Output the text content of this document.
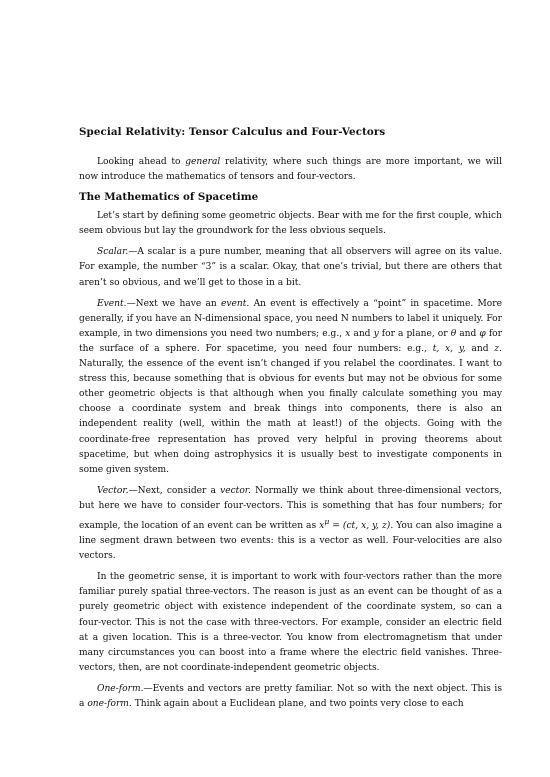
Special Relativity: Tensor Calculus and Four-Vectors

Looking ahead to general relativity, where such things are more important, we will now introduce the mathematics of tensors and four-vectors.

The Mathematics of Spacetime

Let’s start by defining some geometric objects. Bear with me for the first couple, which seem obvious but lay the groundwork for the less obvious sequels.

Scalar.—A scalar is a pure number, meaning that all observers will agree on its value. For example, the number “3” is a scalar. Okay, that one’s trivial, but there are others that aren’t so obvious, and we’ll get to those in a bit.

Event.—Next we have an event. An event is effectively a “point” in spacetime. More generally, if you have an N-dimensional space, you need N numbers to label it uniquely. For example, in two dimensions you need two numbers; e.g., x and y for a plane, or θ and φ for the surface of a sphere. For spacetime, you need four numbers: e.g., t, x, y, and z. Naturally, the essence of the event isn’t changed if you relabel the coordinates. I want to stress this, because something that is obvious for events but may not be obvious for some other geometric objects is that although when you finally calculate something you may choose a coordinate system and break things into components, there is also an independent reality (well, within the math at least!) of the objects. Going with the coordinate-free representation has proved very helpful in proving theorems about spacetime, but when doing astrophysics it is usually best to investigate components in some given system.

Vector.—Next, consider a vector. Normally we think about three-dimensional vectors, but here we have to consider four-vectors. This is something that has four numbers; for example, the location of an event can be written as $x^\mu = (ct$, x, y, z). You can also imagine a line segment drawn between two events: this is a vector as well. Four-velocities are also vectors.

In the geometric sense, it is important to work with four-vectors rather than the more familiar purely spatial three-vectors. The reason is just as an event can be thought of as a purely geometric object with existence independent of the coordinate system, so can a four-vector. This is not the case with three-vectors. For example, consider an electric field at a given location. This is a three-vector. You know from electromagnetism that under many circumstances you can boost into a frame where the electric field vanishes. Three-vectors, then, are not coordinate-independent geometric objects.

One-form.—Events and vectors are pretty familiar. Not so with the next object. This is a one-form. Think again about a Euclidean plane, and two points very close to each
